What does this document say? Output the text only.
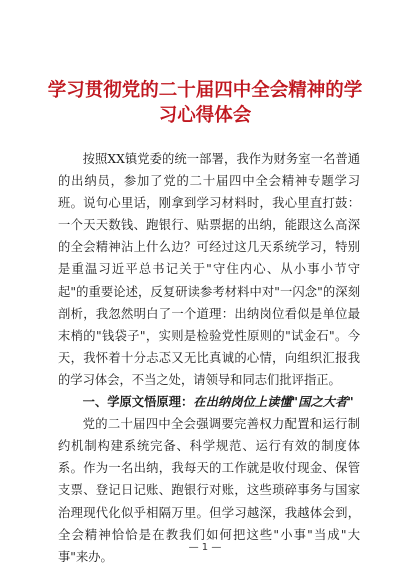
学习贯彻党的二十届四中全会精神的学习心得体会

按照XX镇党委的统一部署，我作为财务室一名普通的出纳员，参加了党的二十届四中全会精神专题学习班。说句心里话，刚拿到学习材料时，我心里直打鼓：一个天天数钱、跑银行、贴票据的出纳，能跟这么高深的全会精神沾上什么边？可经过这几天系统学习，特别是重温习近平总书记关于"守住内心、从小事小节守起"的重要论述，反复研读参考材料中对"一闪念"的深刻剖析，我忽然明白了一个道理：出纳岗位看似是单位最末梢的"钱袋子"，实则是检验党性原则的"试金石"。今天，我怀着十分忐忑又无比真诚的心情，向组织汇报我的学习体会，不当之处，请领导和同志们批评指正。

一、学原文悟原理：在出纳岗位上读懂"国之大者"

党的二十届四中全会强调要完善权力配置和运行制约机制构建系统完备、科学规范、运行有效的制度体系。作为一名出纳，我每天的工作就是收付现金、保管支票、登记日记账、跑银行对账，这些琐碎事务与国家治理现代化似乎相隔万里。但学习越深，我越体会到，全会精神恰恰是在教我们如何把这些"小事"当成"大事"来办。

— 1 —
